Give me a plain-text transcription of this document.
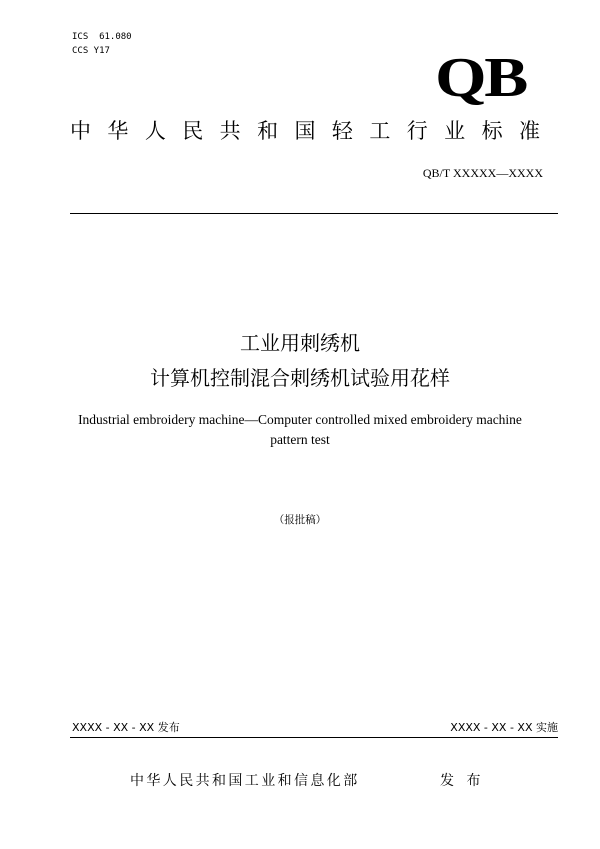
ICS  61.080
CCS Y17	QB
中华人民共和国轻工行业标准
QB/T XXXXX—XXXX
工业用刺绣机
计算机控制混合刺绣机试验用花样
Industrial embroidery machine—Computer controlled mixed embroidery machine
pattern test
（报批稿）
XXXX - XX - XX 发布	XXXX - XX - XX 实施
中华人民共和国工业和信息化部	发 布
